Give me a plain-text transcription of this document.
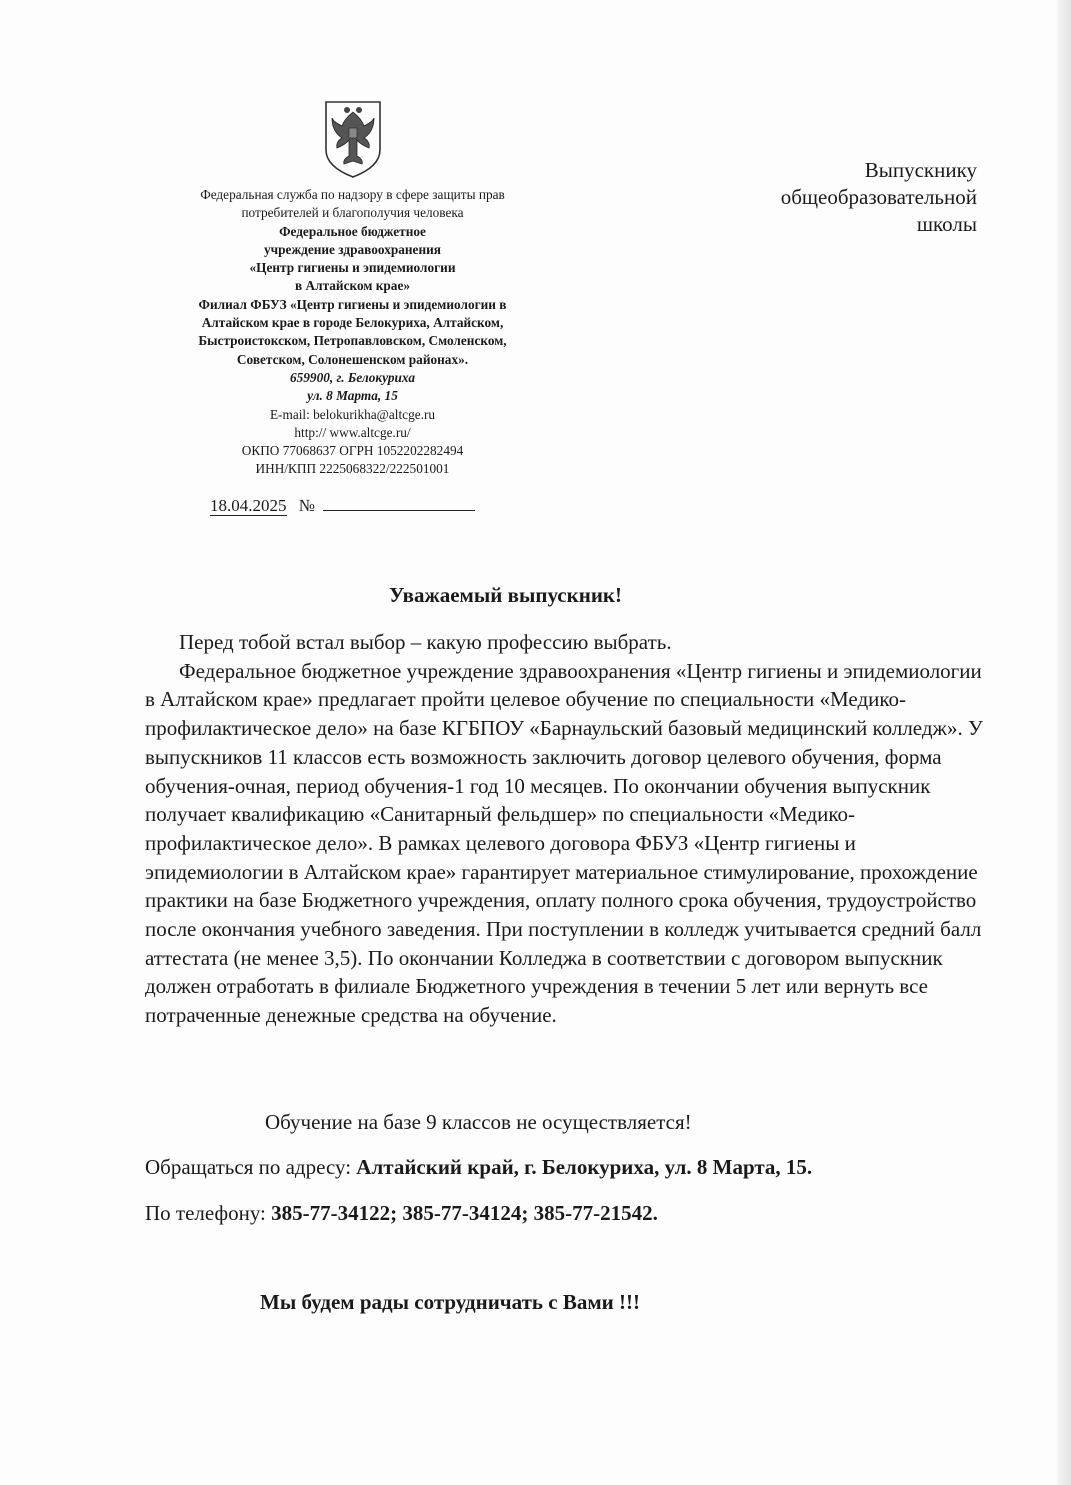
Федеральная служба по надзору в сфере защиты прав
потребителей и благополучия человека
Федеральное бюджетное
учреждение здравоохранения
«Центр гигиены и эпидемиологии
в Алтайском крае»
Филиал ФБУЗ «Центр гигиены и эпидемиологии в
Алтайском крае в городе Белокуриха, Алтайском,
Быстроистокском, Петропавловском, Смоленском,
Советском, Солонешенском районах».
659900, г. Белокуриха
ул. 8 Марта, 15
E-mail: belokurikha@altcge.ru
http:// www.altcge.ru/
ОКПО 77068637 ОГРН 1052202282494
ИНН/КПП 2225068322/222501001
18.04.2025 №
Выпускнику
общеобразовательной
школы
Уважаемый выпускник!

Перед тобой встал выбор – какую профессию выбрать.

Федеральное бюджетное учреждение здравоохранения «Центр гигиены и эпидемиологии в Алтайском крае» предлагает пройти целевое обучение по специальности «Медико-профилактическое дело» на базе КГБПОУ «Барнаульский базовый медицинский колледж». У выпускников 11 классов есть возможность заключить договор целевого обучения, форма обучения-очная, период обучения-1 год 10 месяцев. По окончании обучения выпускник получает квалификацию «Санитарный фельдшер» по специальности «Медико-профилактическое дело». В рамках целевого договора ФБУЗ «Центр гигиены и эпидемиологии в Алтайском крае» гарантирует материальное стимулирование, прохождение практики на базе Бюджетного учреждения, оплату полного срока обучения, трудоустройство после окончания учебного заведения. При поступлении в колледж учитывается средний балл аттестата (не менее 3,5). По окончании Колледжа в соответствии с договором выпускник должен отработать в филиале Бюджетного учреждения в течении 5 лет или вернуть все потраченные денежные средства на обучение.

Обучение на базе 9 классов не осуществляется!
Обращаться по адресу: Алтайский край, г. Белокуриха, ул. 8 Марта, 15.
По телефону: 385-77-34122; 385-77-34124; 385-77-21542.
Мы будем рады сотрудничать с Вами !!!
